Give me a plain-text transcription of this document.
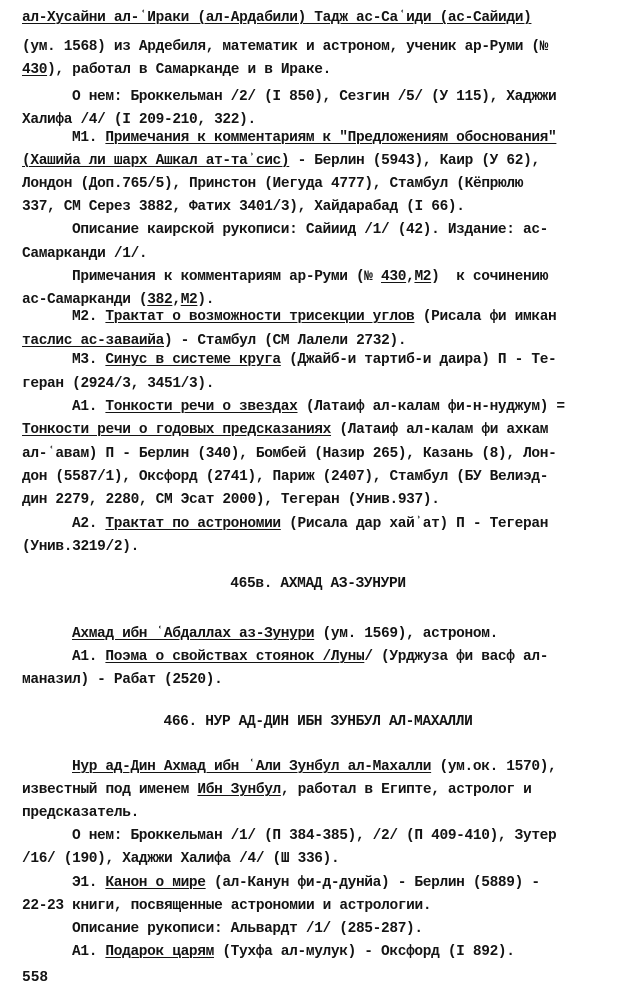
558
ал-Хусайни ал-ʿИраки (ал-Ардабили) Тадж ас-Саʿиди (ас-Сайиди)
(ум. 1568) из Ардебиля, математик и астроном, ученик ар-Руми (№
430), работал в Самарканде и в Ираке.
О нем: Броккельман /2/ (I 850), Сезгин /5/ (У 115), Хаджжи
Халифа /4/ (I 209-210, 322).
М1. Примечания к комментариям к "Предложениям обоснования"
(Хашийа ли шарх Ашкал ат-таʾсис) - Берлин (5943), Каир (У 62),
Лондон (Доп.765/5), Принстон (Иегуда 4777), Стамбул (Кёпрюлю
337, СМ Серез 3882, Фатих 3401/3), Хайдарабад (I 66).
Описание каирской рукописи: Сайиид /1/ (42). Издание: ас-
Самарканди /1/.
Примечания к комментариям ар-Руми (№ 430,М2)  к сочинению
ас-Самарканди (382,М2).
М2. Трактат о возможности трисекции углов (Рисала фи имкан
таслис ас-заваийа) - Стамбул (СМ Лалели 2732).
М3. Синус в системе круга (Джайб-и тартиб-и даира) П - Те-
геран (2924/3, 3451/3).
А1. Тонкости речи о звездах (Латаиф ал-калам фи-н-нуджум) =
Тонкости речи о годовых предсказаниях (Латаиф ал-калам фи ахкам
ал-ʿавам) П - Берлин (340), Бомбей (Назир 265), Казань (8), Лон-
дон (5587/1), Оксфорд (2741), Париж (2407), Стамбул (БУ Велиэд-
дин 2279, 2280, СМ Эсат 2000), Тегеран (Унив.937).
А2. Трактат по астрономии (Рисала дар хайʾат) П - Тегеран
(Унив.3219/2).
465в. АХМАД АЗ-ЗУНУРИ
Ахмад ибн ʿАбдаллах аз-Зунури (ум. 1569), астроном.
А1. Поэма о свойствах стоянок /Луны/ (Урджуза фи васф ал-
маназил) - Рабат (2520).
466. НУР АД-ДИН ИБН ЗУНБУЛ АЛ-МАХАЛЛИ
Нур ад-Дин Ахмад ибн ʿАли Зунбул ал-Махалли (ум.ок. 1570),
известный под именем Ибн Зунбул, работал в Египте, астролог и
предсказатель.
О нем: Броккельман /1/ (П 384-385), /2/ (П 409-410), Зутер
/16/ (190), Хаджжи Халифа /4/ (Ш 336).
Э1. Канон о мире (ал-Канун фи-д-дунйа) - Берлин (5889) -
22-23 книги, посвященные астрономии и астрологии.
Описание рукописи: Альвардт /1/ (285-287).
А1. Подарок царям (Тухфа ал-мулук) - Оксфорд (I 892).
